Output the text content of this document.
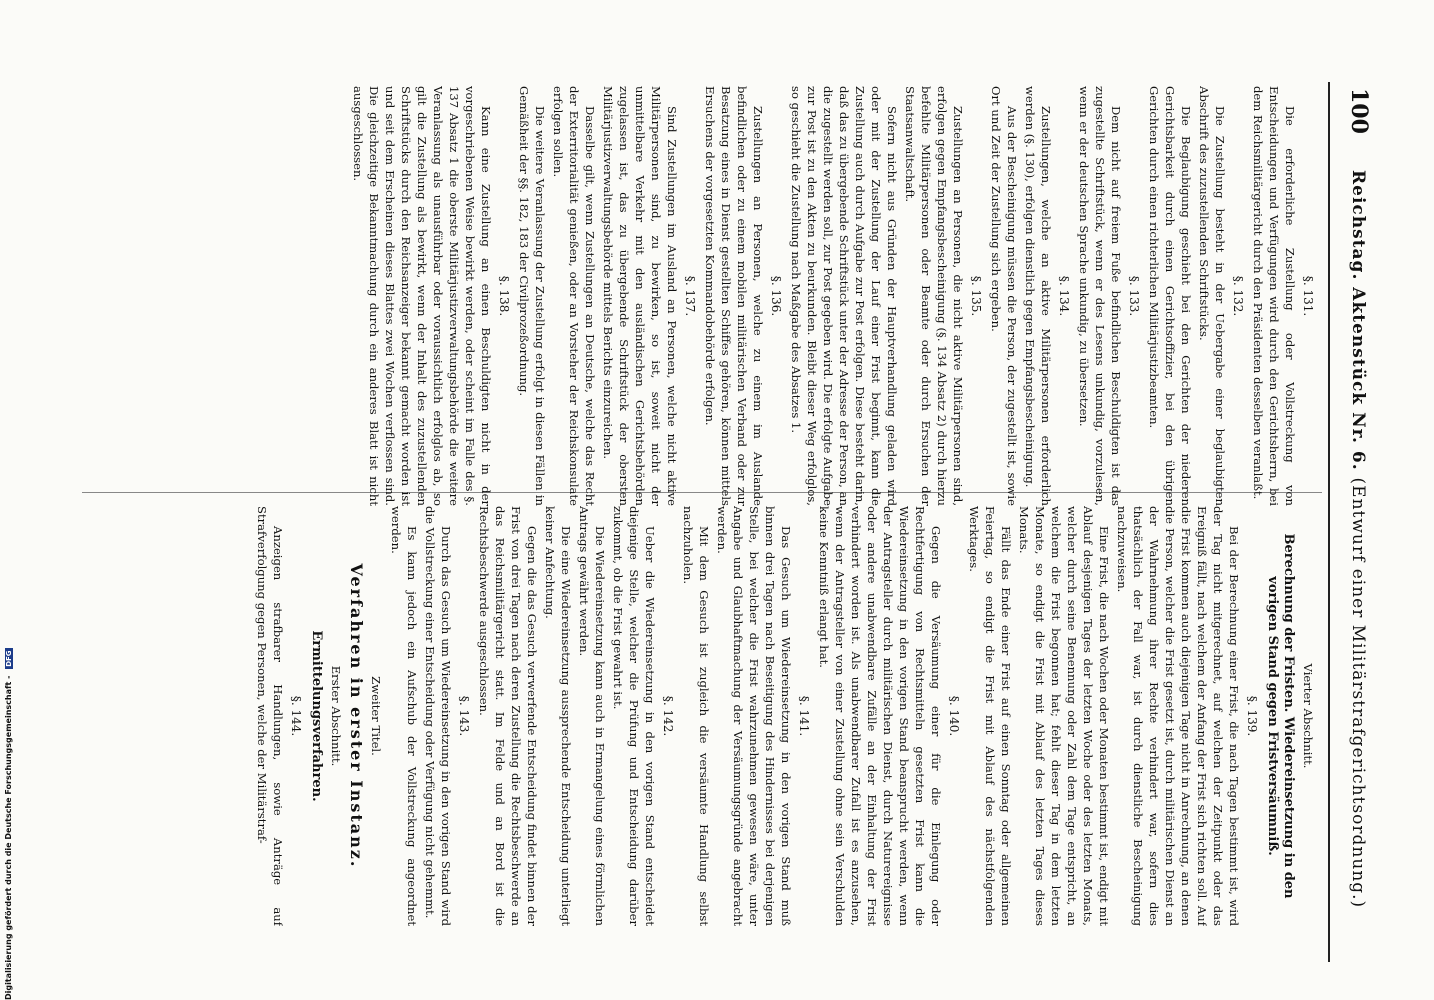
100
Reichstag. Aktenstück Nr. 6. (Entwurf einer Militärstrafgerichtsordnung.)
§. 131.

Die erforderliche Zustellung oder Vollstreckung von Entscheidungen und Verfügungen wird durch den Gerichtsherrn, bei dem Reichsmilitärgericht durch den Präsidenten desselben veranlaßt.

§. 132.

Die Zustellung besteht in der Uebergabe einer beglaubigten Abschrift des zuzustellenden Schriftstücks.

Die Beglaubigung geschieht bei den Gerichten der niederen Gerichtsbarkeit durch einen Gerichtsoffizier, bei den übrigen Gerichten durch einen richterlichen Militärjustizbeamten.

§. 133.

Dem nicht auf freiem Fuße befindlichen Beschuldigten ist das zugestellte Schriftstück, wenn er des Lesens unkundig, vorzulesen, wenn er der deutschen Sprache unkundig, zu übersetzen.

§. 134.

Zustellungen, welche an aktive Militärpersonen erforderlich werden (§. 130), erfolgen dienstlich gegen Empfangsbescheinigung.

Aus der Bescheinigung müssen die Person, der zugestellt ist, sowie Ort und Zeit der Zustellung sich ergeben.

§. 135.

Zustellungen an Personen, die nicht aktive Militärpersonen sind, erfolgen gegen Empfangsbescheinigung (§. 134 Absatz 2) durch hierzu befehlte Militärpersonen oder Beamte oder durch Ersuchen der Staatsanwaltschaft.

Sofern nicht aus Gründen der Hauptverhandlung geladen wird oder mit der Zustellung der Lauf einer Frist beginnt, kann die Zustellung auch durch Aufgabe zur Post erfolgen. Diese besteht darin, daß das zu übergebende Schriftstück unter der Adresse der Person, an die zugestellt werden soll, zur Post gegeben wird. Die erfolgte Aufgabe zur Post ist zu den Akten zu beurkunden. Bleibt dieser Weg erfolglos, so geschieht die Zustellung nach Maßgabe des Absatzes 1.

§. 136.

Zustellungen an Personen, welche zu einem im Auslande befindlichen oder zu einem mobilen militärischen Verband oder zur Besatzung eines in Dienst gestellten Schiffes gehören, können mittels Ersuchens der vorgesetzten Kommandobehörde erfolgen.

§. 137.

Sind Zustellungen im Ausland an Personen, welche nicht aktive Militärpersonen sind, zu bewirken, so ist, soweit nicht der unmittelbare Verkehr mit den ausländischen Gerichtsbehörden zugelassen ist, das zu übergebende Schriftstück der obersten Militärjustizverwaltungsbehörde mittels Berichts einzureichen.

Dasselbe gilt, wenn Zustellungen an Deutsche, welche das Recht der Exterritorialität genießen, oder an Vorsteher der Reichskonsulate erfolgen sollen.

Die weitere Veranlassung der Zustellung erfolgt in diesen Fällen in Gemäßheit der §§. 182, 183 der Civilprozeßordnung.

§. 138.

Kann eine Zustellung an einen Beschuldigten nicht in der vorgeschriebenen Weise bewirkt werden, oder scheint im Falle des §. 137 Absatz 1 die oberste Militärjustizverwaltungsbehörde die weitere Veranlassung als unausführbar oder voraussichtlich erfolglos ab, so gilt die Zustellung als bewirkt, wenn der Inhalt des zuzustellenden Schriftstücks durch den Reichsanzeiger bekannt gemacht worden ist und seit dem Erscheinen dieses Blattes zwei Wochen verflossen sind. Die gleichzeitige Bekanntmachung durch ein anderes Blatt ist nicht ausgeschlossen.

Vierter Abschnitt.
Berechnung der Fristen. Wiedereinsetzung in den vorigen Stand gegen Fristversäumniß.
§. 139.

Bei der Berechnung einer Frist, die nach Tagen bestimmt ist, wird der Tag nicht mitgerechnet, auf welchen der Zeitpunkt oder das Ereigniß fällt, nach welchem der Anfang der Frist sich richten soll. Auf die Frist kommen auch diejenigen Tage nicht in Anrechnung, an denen die Person, welcher die Frist gesetzt ist, durch militärischen Dienst an der Wahrnehmung ihrer Rechte verhindert war, sofern dies thatsächlich der Fall war, ist durch dienstliche Bescheinigung nachzuweisen.

Eine Frist, die nach Wochen oder Monaten bestimmt ist, endigt mit Ablauf desjenigen Tages der letzten Woche oder des letzten Monats, welcher durch seine Benennung oder Zahl dem Tage entspricht, an welchem die Frist begonnen hat; fehlt dieser Tag in dem letzten Monate, so endigt die Frist mit Ablauf des letzten Tages dieses Monats.

Fällt das Ende einer Frist auf einen Sonntag oder allgemeinen Feiertag, so endigt die Frist mit Ablauf des nächstfolgenden Werktages.

§. 140.

Gegen die Versäumung einer für die Einlegung oder Rechtfertigung von Rechtsmitteln gesetzten Frist kann die Wiedereinsetzung in den vorigen Stand beansprucht werden, wenn der Antragsteller durch militärischen Dienst, durch Naturereignisse oder andere unabwendbare Zufälle an der Einhaltung der Frist verhindert worden ist. Als unabwendbarer Zufall ist es anzusehen, wenn der Antragsteller von einer Zustellung ohne sein Verschulden keine Kenntniß erlangt hat.

§. 141.

Das Gesuch um Wiedereinsetzung in den vorigen Stand muß binnen drei Tagen nach Beseitigung des Hindernisses bei derjenigen Stelle, bei welcher die Frist wahrzunehmen gewesen wäre, unter Angabe und Glaubhaftmachung der Versäumungsgründe angebracht werden.

Mit dem Gesuch ist zugleich die versäumte Handlung selbst nachzuholen.

§. 142.

Ueber die Wiedereinsetzung in den vorigen Stand entscheidet diejenige Stelle, welcher die Prüfung und Entscheidung darüber zukommt, ob die Frist gewahrt ist.

Die Wiedereinsetzung kann auch in Ermangelung eines förmlichen Antrags gewährt werden.

Die eine Wiedereinsetzung aussprechende Entscheidung unterliegt keiner Anfechtung.

Gegen die das Gesuch verwerfende Entscheidung findet binnen der Frist von drei Tagen nach deren Zustellung die Rechtsbeschwerde an das Reichsmilitärgericht statt. Im Felde und an Bord ist die Rechtsbeschwerde ausgeschlossen.

§. 143.

Durch das Gesuch um Wiedereinsetzung in den vorigen Stand wird die Vollstreckung einer Entscheidung oder Verfügung nicht gehemmt.

Es kann jedoch ein Aufschub der Vollstreckung angeordnet werden.

Zweiter Titel.
Verfahren in erster Instanz.
Erster Abschnitt.
Ermittelungsverfahren.
§. 144.

Anzeigen strafbarer Handlungen, sowie Anträge auf Strafverfolgung gegen Personen, welche der Militärstraf-

Digitalisierung gefördert durch die Deutsche Forschungsgemeinschaft - DFG
